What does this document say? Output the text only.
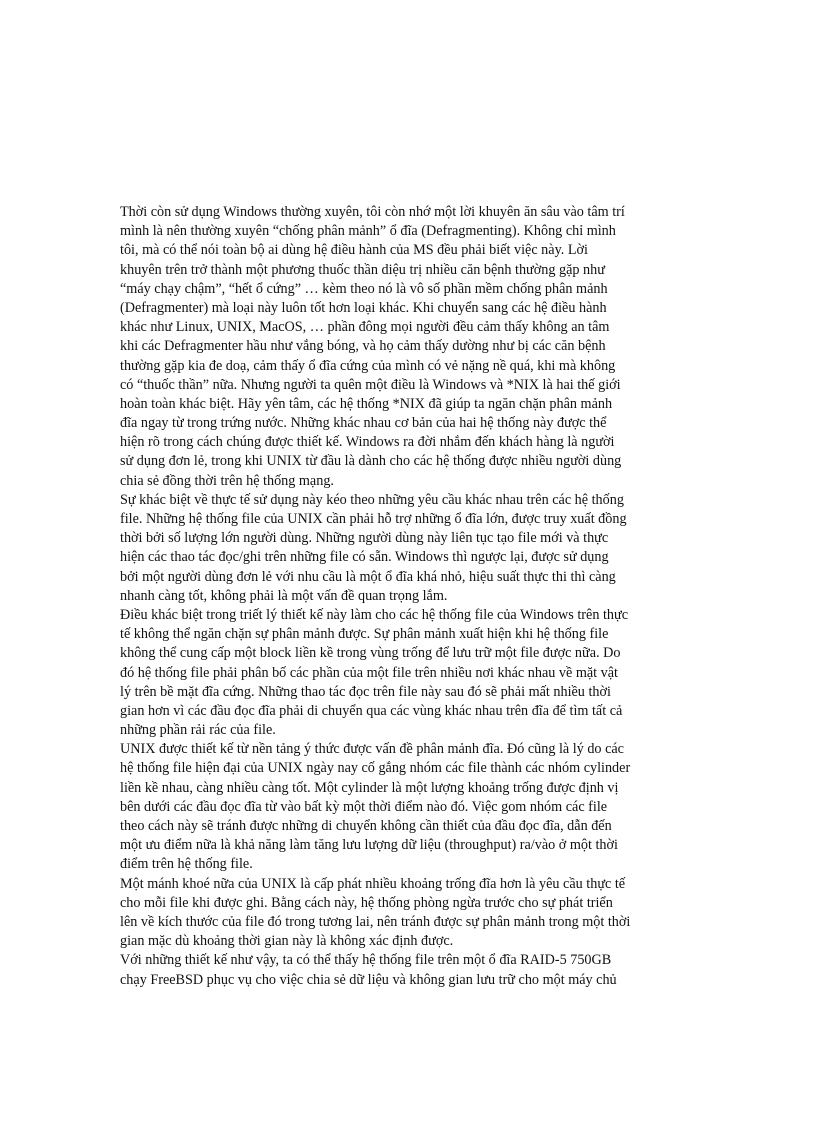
Thời còn sử dụng Windows thường xuyên, tôi còn nhớ một lời khuyên ăn sâu vào tâm trí
mình là nên thường xuyên “chống phân mảnh” ổ đĩa (Defragmenting). Không chỉ mình
tôi, mà có thể nói toàn bộ ai dùng hệ điều hành của MS đều phải biết việc này. Lời
khuyên trên trở thành một phương thuốc thần diệu trị nhiều căn bệnh thường gặp như
“máy chạy chậm”, “hết ổ cứng” … kèm theo nó là vô số phần mềm chống phân mảnh
(Defragmenter) mà loại này luôn tốt hơn loại khác. Khi chuyển sang các hệ điều hành
khác như Linux, UNIX, MacOS, … phần đông mọi người đều cảm thấy không an tâm
khi các Defragmenter hầu như vắng bóng, và họ cảm thấy dường như bị các căn bệnh
thường gặp kia đe doạ, cảm thấy ổ đĩa cứng của mình có vẻ nặng nề quá, khi mà không
có “thuốc thần” nữa. Nhưng người ta quên một điều là Windows và *NIX là hai thế giới
hoàn toàn khác biệt. Hãy yên tâm, các hệ thống *NIX đã giúp ta ngăn chặn phân mảnh
đĩa ngay từ trong trứng nước. Những khác nhau cơ bản của hai hệ thống này được thể
hiện rõ trong cách chúng được thiết kế. Windows ra đời nhắm đến khách hàng là người
sử dụng đơn lẻ, trong khi UNIX từ đầu là dành cho các hệ thống được nhiều người dùng
chia sẻ đồng thời trên hệ thống mạng.
Sự khác biệt về thực tế sử dụng này kéo theo những yêu cầu khác nhau trên các hệ thống
file. Những hệ thống file của UNIX cần phải hỗ trợ những ổ đĩa lớn, được truy xuất đồng
thời bởi số lượng lớn người dùng. Những người dùng này liên tục tạo file mới và thực
hiện các thao tác đọc/ghi trên những file có sẵn. Windows thì ngược lại, được sử dụng
bởi một người dùng đơn lẻ với nhu cầu là một ổ đĩa khá nhỏ, hiệu suất thực thi thì càng
nhanh càng tốt, không phải là một vấn đề quan trọng lắm.
Điều khác biệt trong triết lý thiết kế này làm cho các hệ thống file của Windows trên thực
tế không thể ngăn chặn sự phân mảnh được. Sự phân mảnh xuất hiện khi hệ thống file
không thể cung cấp một block liền kề trong vùng trống để lưu trữ một file được nữa. Do
đó hệ thống file phải phân bố các phần của một file trên nhiều nơi khác nhau về mặt vật
lý trên bề mặt đĩa cứng. Những thao tác đọc trên file này sau đó sẽ phải mất nhiều thời
gian hơn vì các đầu đọc đĩa phải di chuyển qua các vùng khác nhau trên đĩa để tìm tất cả
những phần rải rác của file.
UNIX được thiết kế từ nền tảng ý thức được vấn đề phân mảnh đĩa. Đó cũng là lý do các
hệ thống file hiện đại của UNIX ngày nay cố gắng nhóm các file thành các nhóm cylinder
liền kề nhau, càng nhiều càng tốt. Một cylinder là một lượng khoảng trống được định vị
bên dưới các đầu đọc đĩa từ vào bất kỳ một thời điểm nào đó. Việc gom nhóm các file
theo cách này sẽ tránh được những di chuyển không cần thiết của đầu đọc đĩa, dẫn đến
một ưu điểm nữa là khả năng làm tăng lưu lượng dữ liệu (throughput) ra/vào ở một thời
điểm trên hệ thống file.
Một mánh khoé nữa của UNIX là cấp phát nhiều khoảng trống đĩa hơn là yêu cầu thực tế
cho mỗi file khi được ghi. Bằng cách này, hệ thống phòng ngừa trước cho sự phát triển
lên về kích thước của file đó trong tương lai, nên tránh được sự phân mảnh trong một thời
gian mặc dù khoảng thời gian này là không xác định được.
Với những thiết kế như vậy, ta có thể thấy hệ thống file trên một ổ đĩa RAID-5 750GB
chạy FreeBSD phục vụ cho việc chia sẻ dữ liệu và không gian lưu trữ cho một máy chủ
